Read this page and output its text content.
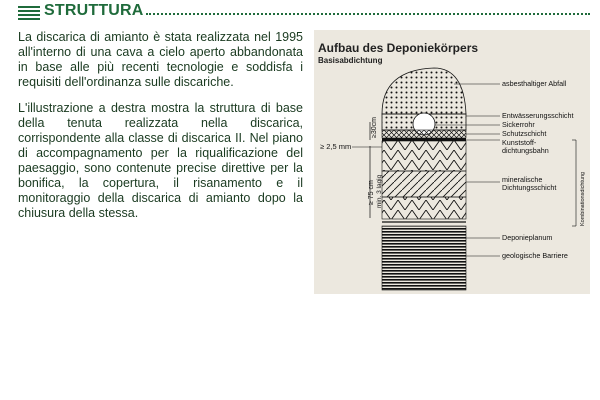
STRUTTURA

La discarica di amianto è stata realizzata nel 1995 all'interno di una cava a cielo aperto abbandonata in base alle più recenti tecnologie e soddisfa i requisiti dell'ordinanza sulle discariche.

L'illustrazione a destra mostra la struttura di base della tenuta realizzata nella discarica, corrispondente alla classe di discarica II. Nel piano di accompagnamento per la riqualificazione del paesaggio, sono contenute precise direttive per la bonifica, la copertura, il risanamento e il monitoraggio della discarica di amianto dopo la chiusura della stessa.

Aufbau des Deponiekörpers
Basisabdichtung
≥30cm
≥ 75 cm min. 3 lagig
≥ 2,5 mm
asbesthaltiger Abfall
Entwässerungsschicht
Sickerrohr
Schutzschicht
Kunststoff-
dichtungsbahn
mineralische
Dichtungsschicht
Deponieplanum
geologische Barriere
Kombinationsdichtung
